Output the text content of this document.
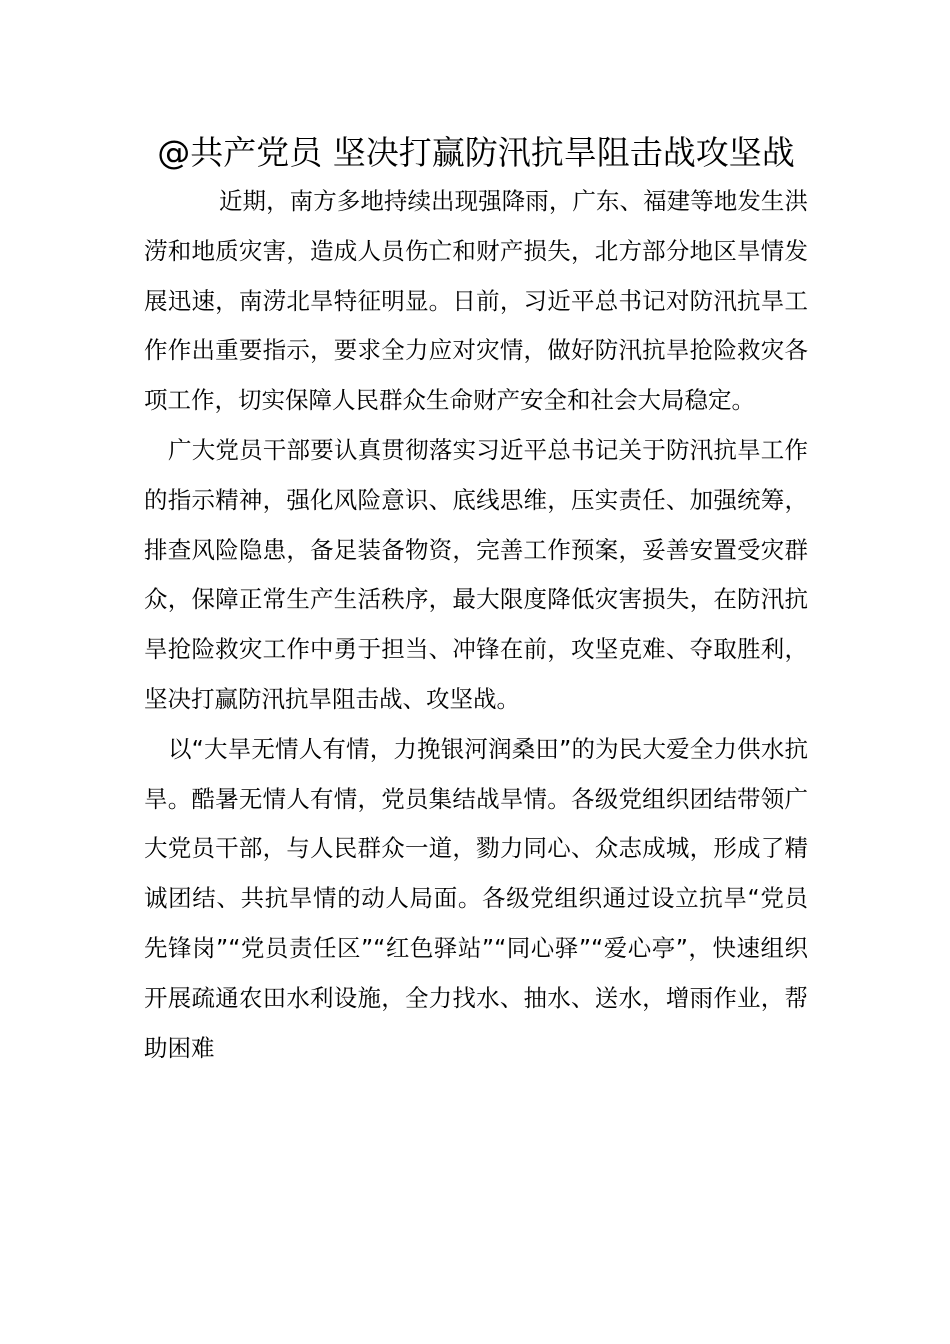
@共产党员 坚决打赢防汛抗旱阻击战攻坚战

近期，南方多地持续出现强降雨，广东、福建等地发生洪涝和地质灾害，造成人员伤亡和财产损失，北方部分地区旱情发展迅速，南涝北旱特征明显。日前，习近平总书记对防汛抗旱工作作出重要指示，要求全力应对灾情，做好防汛抗旱抢险救灾各项工作，切实保障人民群众生命财产安全和社会大局稳定。

广大党员干部要认真贯彻落实习近平总书记关于防汛抗旱工作的指示精神，强化风险意识、底线思维，压实责任、加强统筹，排查风险隐患，备足装备物资，完善工作预案，妥善安置受灾群众，保障正常生产生活秩序，最大限度降低灾害损失，在防汛抗旱抢险救灾工作中勇于担当、冲锋在前，攻坚克难、夺取胜利，坚决打赢防汛抗旱阻击战、攻坚战。

以“大旱无情人有情，力挽银河润桑田”的为民大爱全力供水抗旱。酷暑无情人有情，党员集结战旱情。各级党组织团结带领广大党员干部，与人民群众一道，勠力同心、众志成城，形成了精诚团结、共抗旱情的动人局面。各级党组织通过设立抗旱“党员先锋岗”“党员责任区”“红色驿站”“同心驿”“爱心亭”，快速组织开展疏通农田水利设施，全力找水、抽水、送水，增雨作业，帮助困难
